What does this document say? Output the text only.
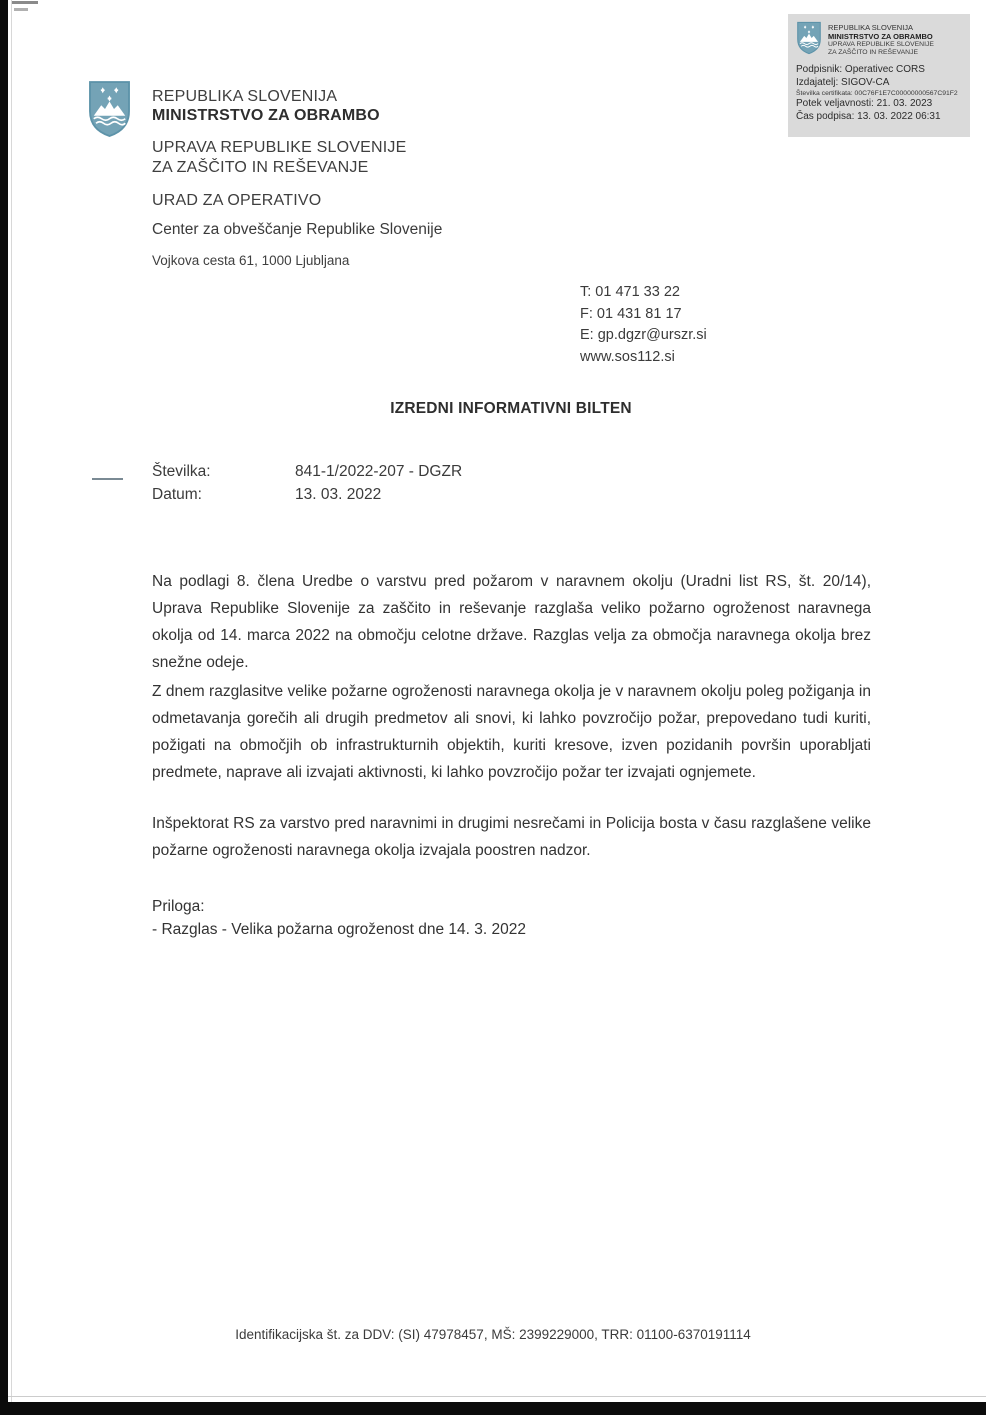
REPUBLIKA SLOVENIJA
MINISTRSTVO ZA OBRAMBO
UPRAVA REPUBLIKE SLOVENIJE
ZA ZAŠČITO IN REŠEVANJE
URAD ZA OPERATIVO
Center za obveščanje Republike Slovenije
Vojkova cesta 61, 1000 Ljubljana
REPUBLIKA SLOVENIJA
MINISTRSTVO ZA OBRAMBO
UPRAVA REPUBLIKE SLOVENIJE
ZA ZAŠČITO IN REŠEVANJE
Podpisnik: Operativec CORS
Izdajatelj: SIGOV-CA
Številka certifikata: 00C76F1E7C00000000567C91F2
Potek veljavnosti: 21. 03. 2023
Čas podpisa: 13. 03. 2022 06:31
T: 01 471 33 22
F: 01 431 81 17
E: gp.dgzr@urszr.si
www.sos112.si
IZREDNI INFORMATIVNI BILTEN
Številka:	841-1/2022-207 - DGZR
Datum:	13. 03. 2022
Na podlagi 8. člena Uredbe o varstvu pred požarom v naravnem okolju (Uradni list RS, št. 20/14), Uprava Republike Slovenije za zaščito in reševanje razglaša veliko požarno ogroženost naravnega okolja od 14. marca 2022 na območju celotne države. Razglas velja za območja naravnega okolja brez snežne odeje.
Z dnem razglasitve velike požarne ogroženosti naravnega okolja je v naravnem okolju poleg požiganja in odmetavanja gorečih ali drugih predmetov ali snovi, ki lahko povzročijo požar, prepovedano tudi kuriti, požigati na območjih ob infrastrukturnih objektih, kuriti kresove, izven pozidanih površin uporabljati predmete, naprave ali izvajati aktivnosti, ki lahko povzročijo požar ter izvajati ognjemete.
Inšpektorat RS za varstvo pred naravnimi in drugimi nesrečami in Policija bosta v času razglašene velike požarne ogroženosti naravnega okolja izvajala poostren nadzor.
Priloga:
- Razglas - Velika požarna ogroženost dne 14. 3. 2022
Identifikacijska št. za DDV: (SI) 47978457, MŠ: 2399229000, TRR: 01100-6370191114
